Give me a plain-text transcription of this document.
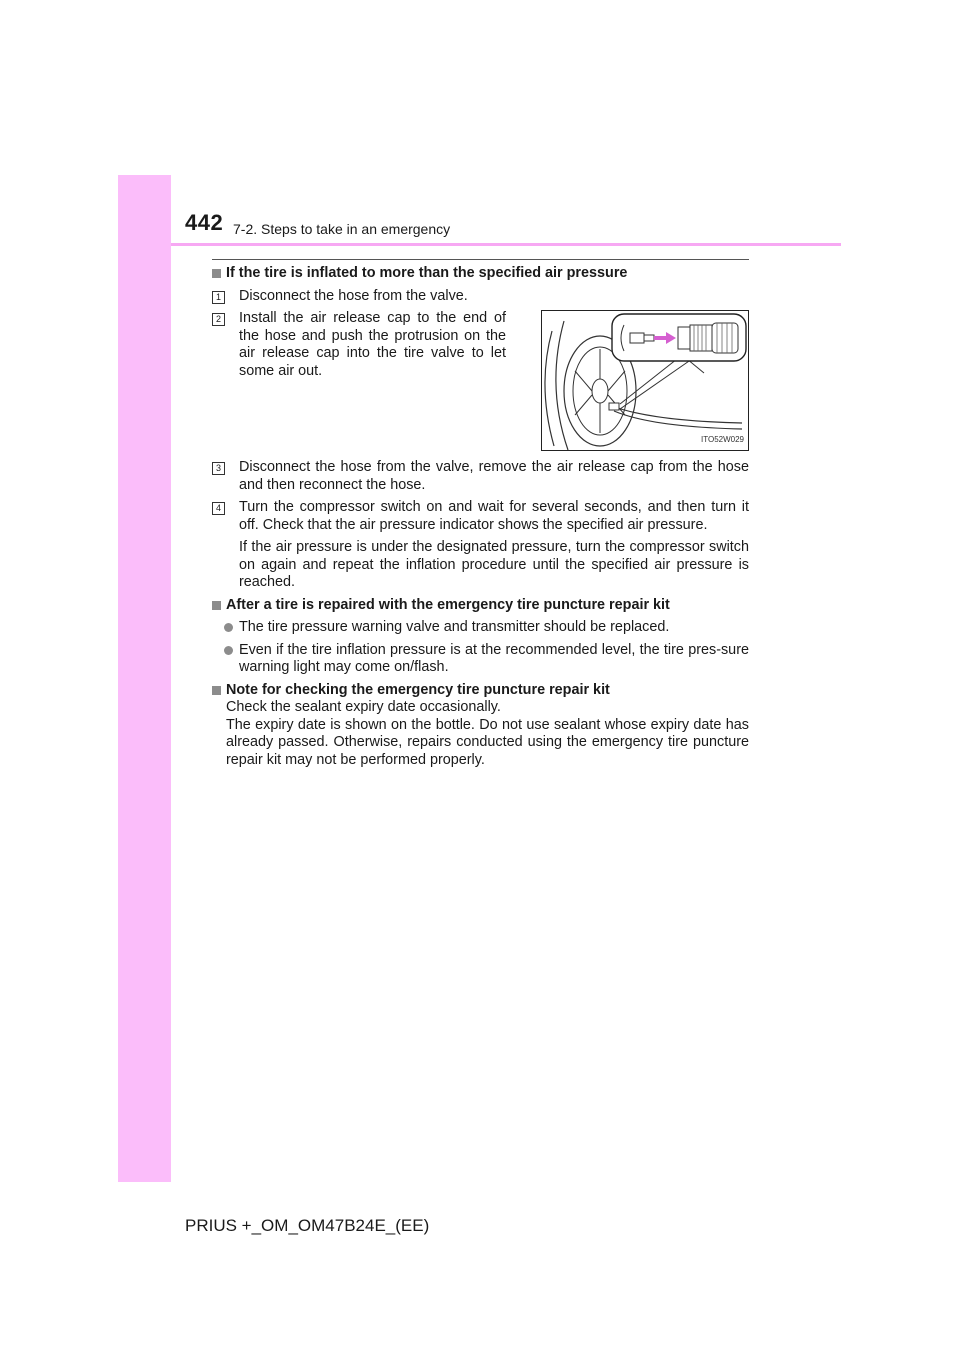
442 7-2. Steps to take in an emergency
If the tire is inflated to more than the specified air pressure
1 Disconnect the hose from the valve.
2 Install the air release cap to the end of the hose and push the protrusion on the air release cap into the tire valve to let some air out.
ITO52W029
3 Disconnect the hose from the valve, remove the air release cap from the hose and then reconnect the hose.
4 Turn the compressor switch on and wait for several seconds, and then turn it off. Check that the air pressure indicator shows the specified air pressure.
If the air pressure is under the designated pressure, turn the compressor switch on again and repeat the inflation procedure until the specified air pressure is reached.
After a tire is repaired with the emergency tire puncture repair kit
The tire pressure warning valve and transmitter should be replaced.
Even if the tire inflation pressure is at the recommended level, the tire pres-sure warning light may come on/flash.
Note for checking the emergency tire puncture repair kit

Check the sealant expiry date occasionally.

The expiry date is shown on the bottle. Do not use sealant whose expiry date has already passed. Otherwise, repairs conducted using the emergency tire puncture repair kit may not be performed properly.

PRIUS +_OM_OM47B24E_(EE)
